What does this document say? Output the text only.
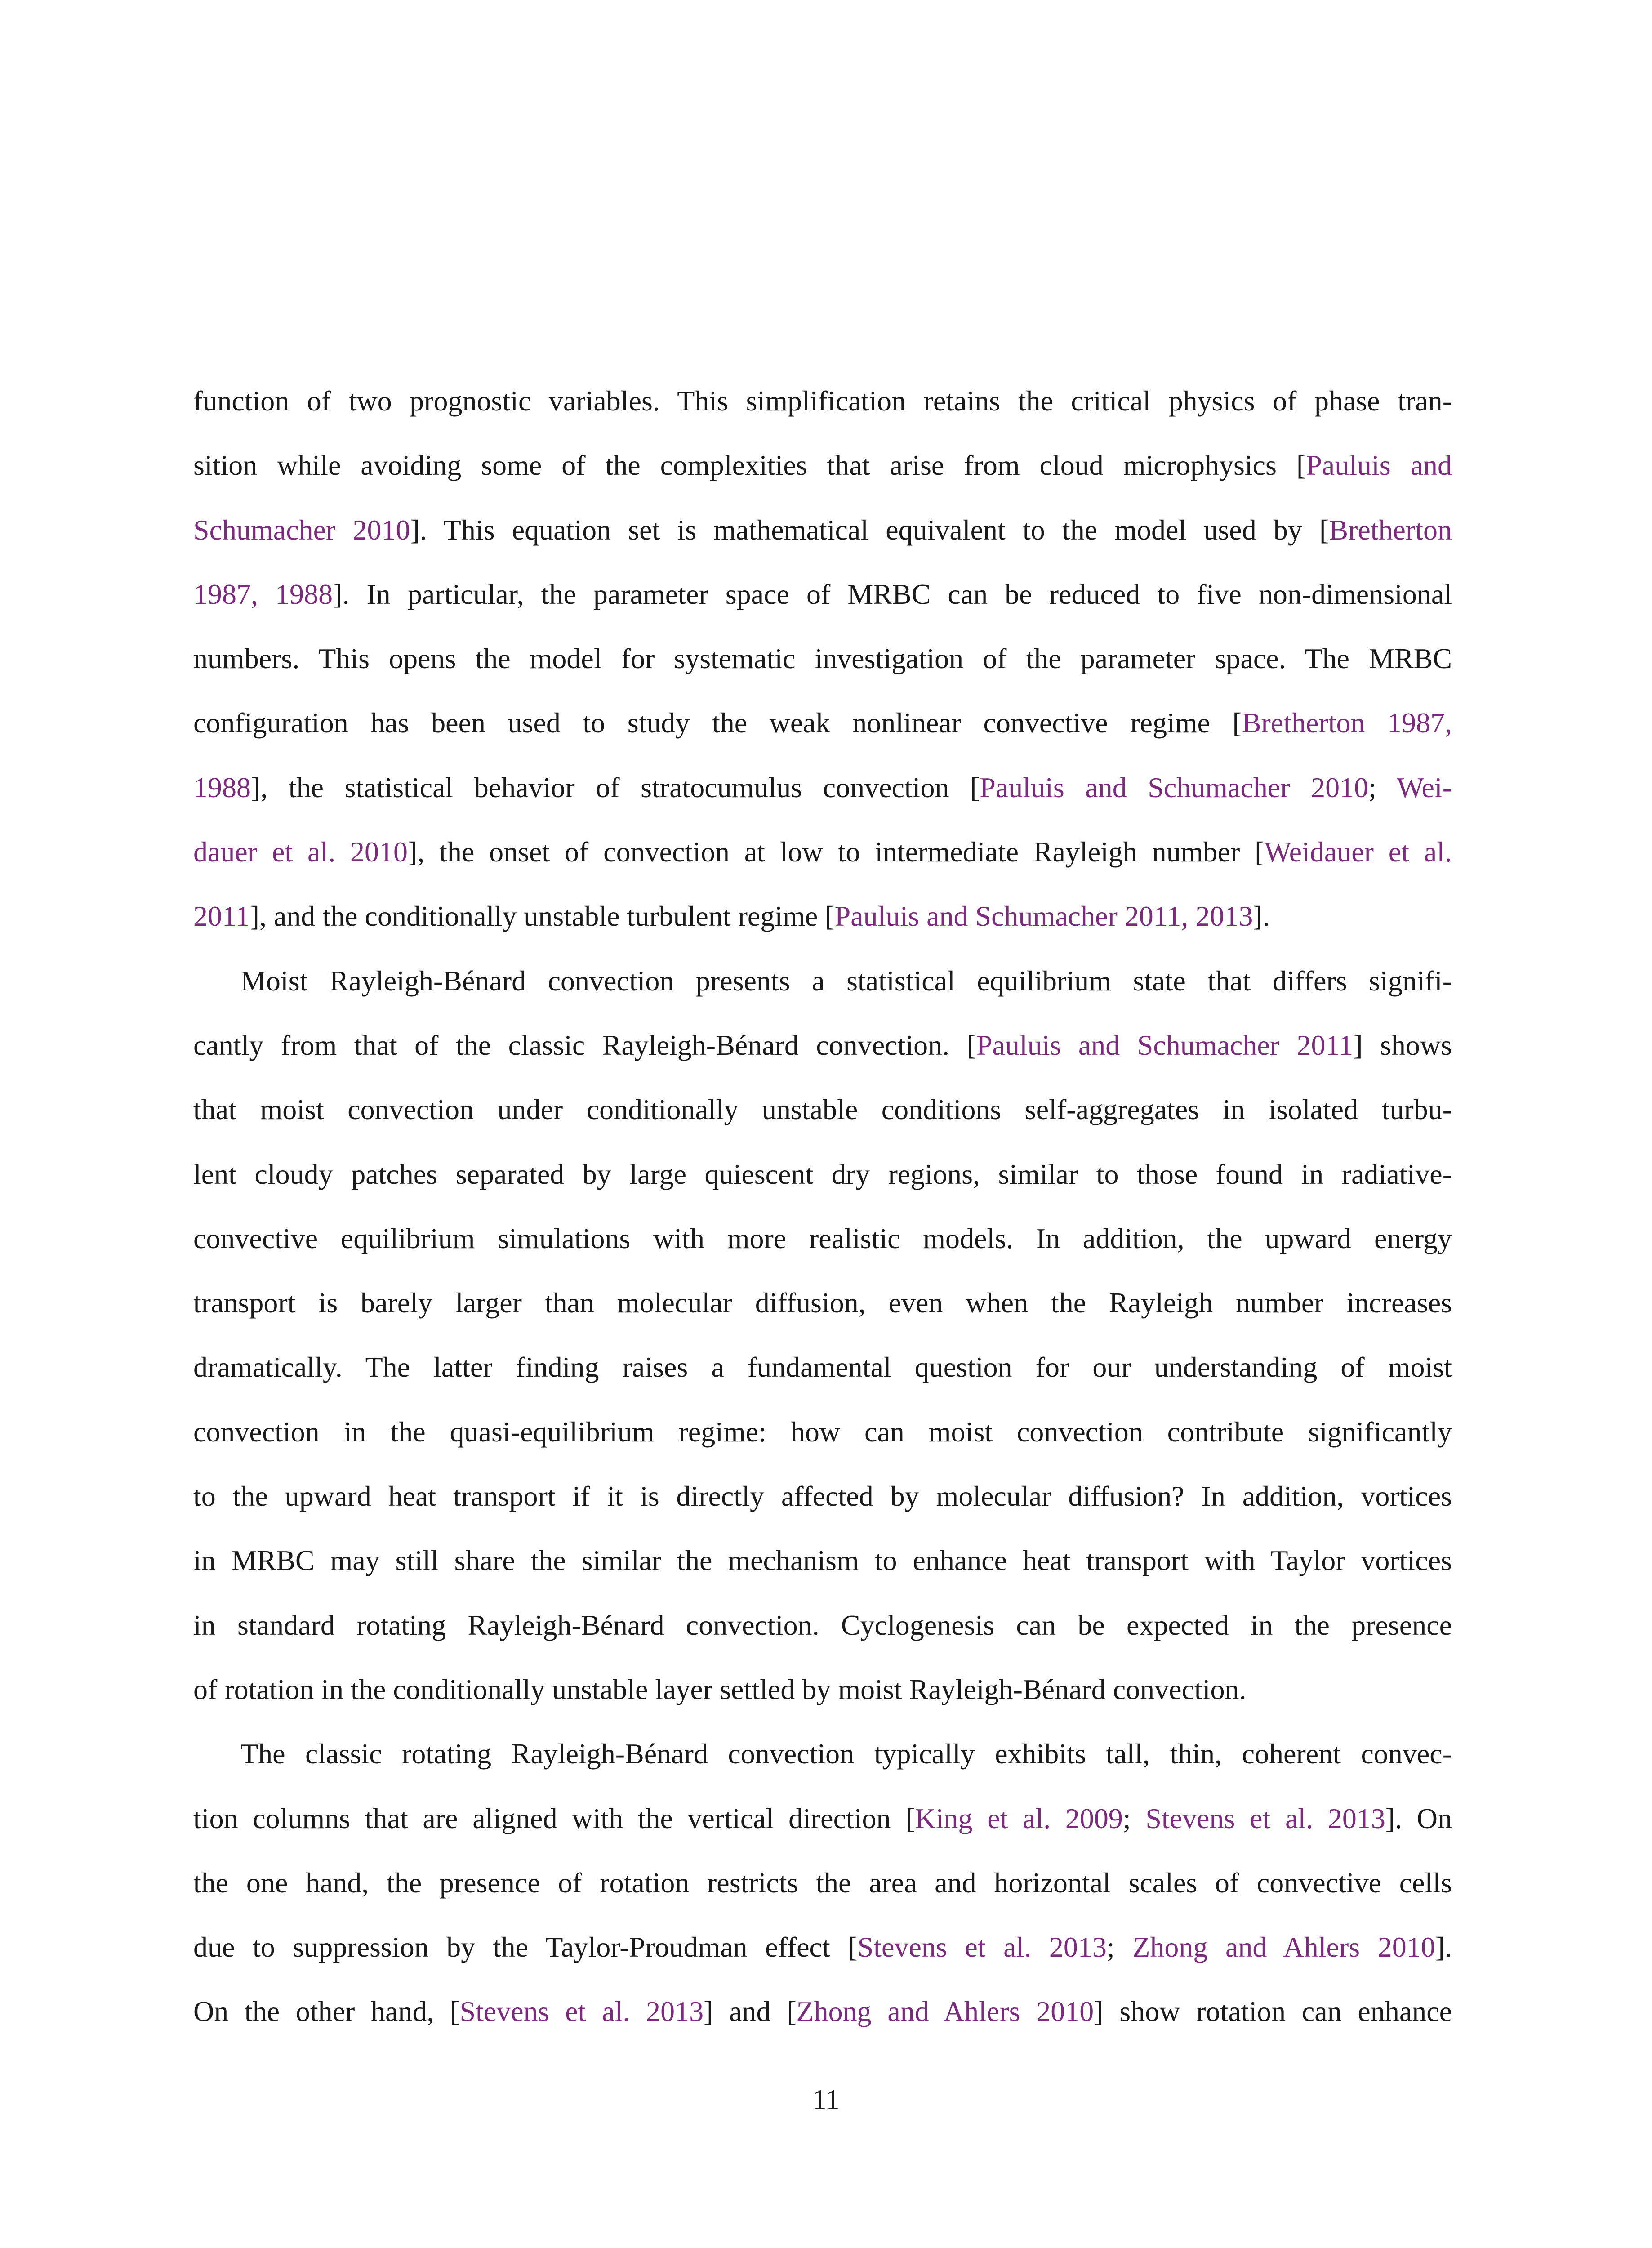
function of two prognostic variables. This simplification retains the critical physics of phase tran-
sition while avoiding some of the complexities that arise from cloud microphysics [Pauluis and
Schumacher 2010]. This equation set is mathematical equivalent to the model used by [Bretherton
1987, 1988]. In particular, the parameter space of MRBC can be reduced to five non-dimensional
numbers. This opens the model for systematic investigation of the parameter space. The MRBC
configuration has been used to study the weak nonlinear convective regime [Bretherton 1987,
1988], the statistical behavior of stratocumulus convection [Pauluis and Schumacher 2010; Wei-
dauer et al. 2010], the onset of convection at low to intermediate Rayleigh number [Weidauer et al.
2011], and the conditionally unstable turbulent regime [Pauluis and Schumacher 2011, 2013].
Moist Rayleigh-Bénard convection presents a statistical equilibrium state that differs signifi-
cantly from that of the classic Rayleigh-Bénard convection. [Pauluis and Schumacher 2011] shows
that moist convection under conditionally unstable conditions self-aggregates in isolated turbu-
lent cloudy patches separated by large quiescent dry regions, similar to those found in radiative-
convective equilibrium simulations with more realistic models. In addition, the upward energy
transport is barely larger than molecular diffusion, even when the Rayleigh number increases
dramatically. The latter finding raises a fundamental question for our understanding of moist
convection in the quasi-equilibrium regime: how can moist convection contribute significantly
to the upward heat transport if it is directly affected by molecular diffusion? In addition, vortices
in MRBC may still share the similar the mechanism to enhance heat transport with Taylor vortices
in standard rotating Rayleigh-Bénard convection. Cyclogenesis can be expected in the presence
of rotation in the conditionally unstable layer settled by moist Rayleigh-Bénard convection.
The classic rotating Rayleigh-Bénard convection typically exhibits tall, thin, coherent convec-
tion columns that are aligned with the vertical direction [King et al. 2009; Stevens et al. 2013]. On
the one hand, the presence of rotation restricts the area and horizontal scales of convective cells
due to suppression by the Taylor-Proudman effect [Stevens et al. 2013; Zhong and Ahlers 2010].
On the other hand, [Stevens et al. 2013] and [Zhong and Ahlers 2010] show rotation can enhance
11
